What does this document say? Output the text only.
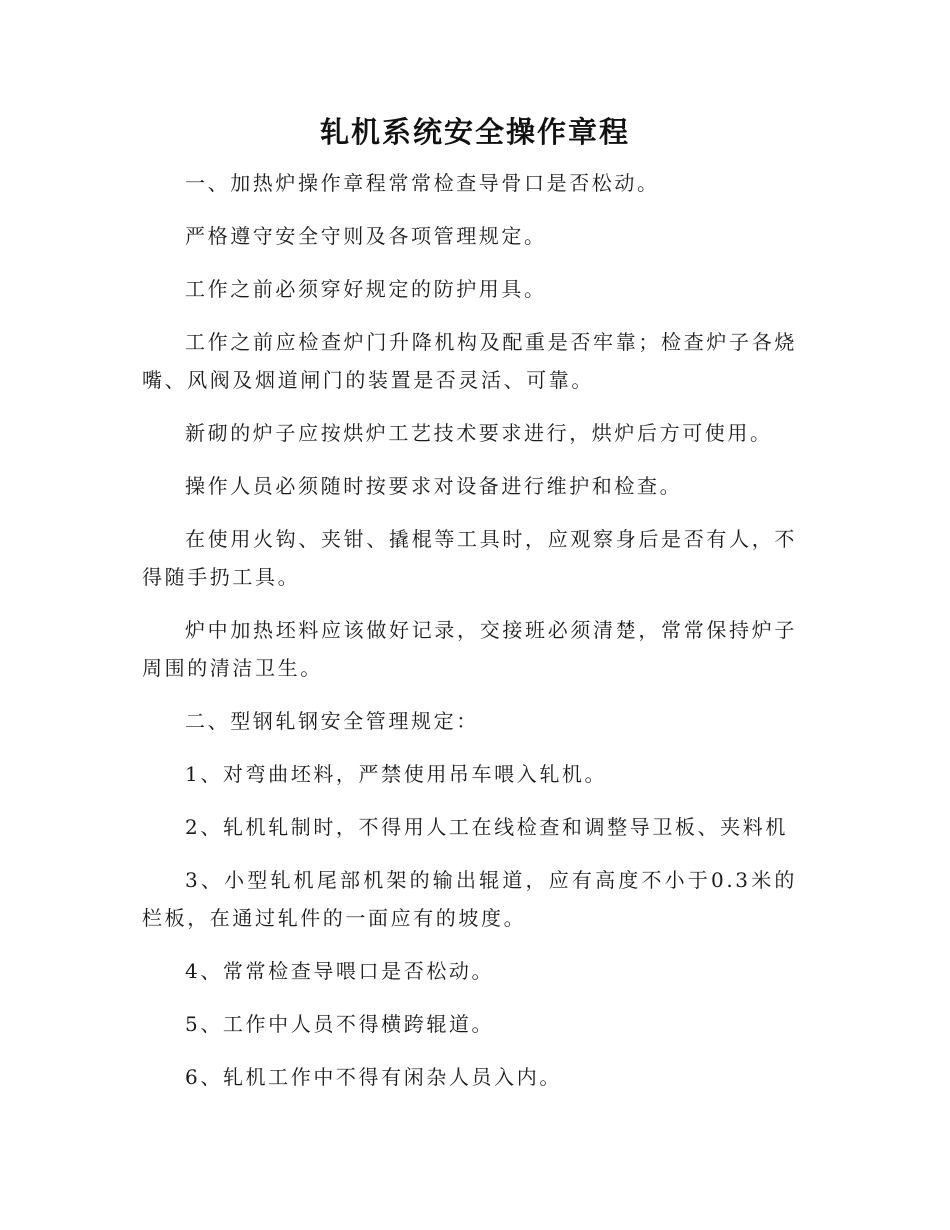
轧机系统安全操作章程

一、加热炉操作章程常常检查导骨口是否松动。

严格遵守安全守则及各项管理规定。

工作之前必须穿好规定的防护用具。

工作之前应检查炉门升降机构及配重是否牢靠；检查炉子各烧嘴、风阀及烟道闸门的装置是否灵活、可靠。

新砌的炉子应按烘炉工艺技术要求进行，烘炉后方可使用。

操作人员必须随时按要求对设备进行维护和检查。

在使用火钩、夹钳、撬棍等工具时，应观察身后是否有人，不得随手扔工具。

炉中加热坯料应该做好记录，交接班必须清楚，常常保持炉子周围的清洁卫生。

二、型钢轧钢安全管理规定：

1、对弯曲坯料，严禁使用吊车喂入轧机。

2、轧机轧制时，不得用人工在线检查和调整导卫板、夹料机

3、小型轧机尾部机架的输出辊道，应有高度不小于0.3米的栏板，在通过轧件的一面应有的坡度。

4、常常检查导喂口是否松动。

5、工作中人员不得横跨辊道。

6、轧机工作中不得有闲杂人员入内。
